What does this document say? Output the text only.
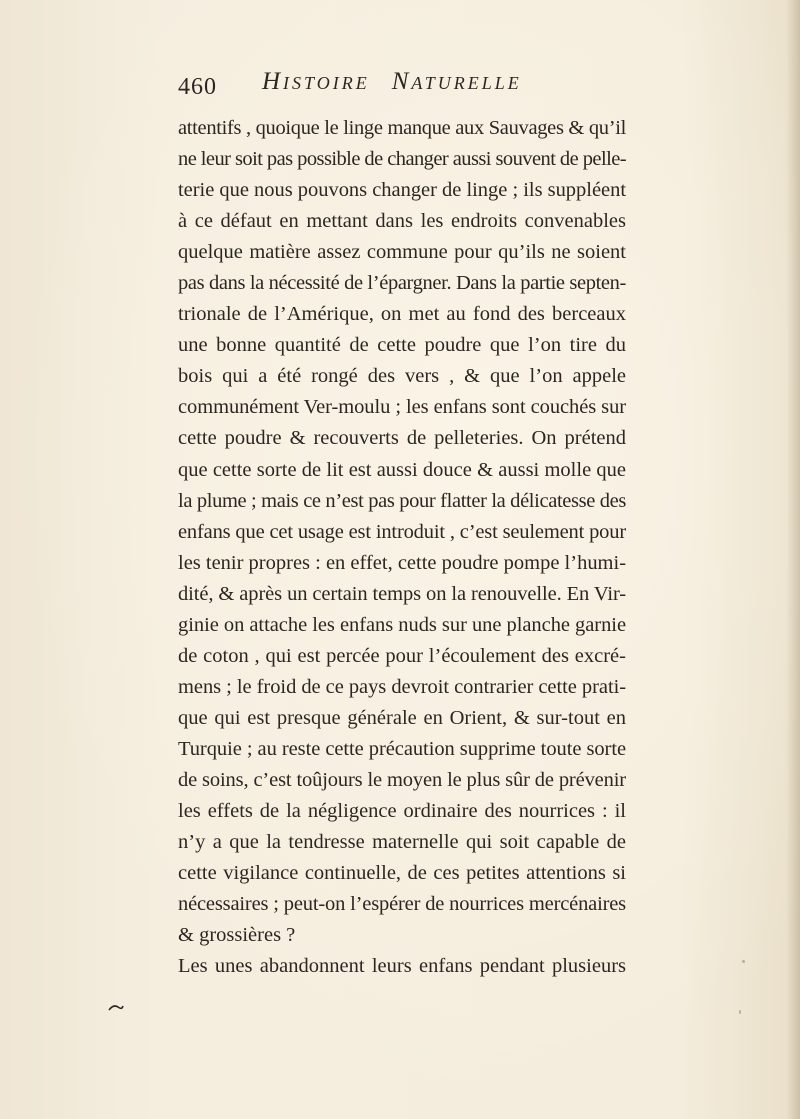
460 Histoire Naturelle
attentifs , quoique le linge manque aux Sauvages & qu’il
ne leur soit pas possible de changer aussi souvent de pelle-
terie que nous pouvons changer de linge ; ils suppléent
à ce défaut en mettant dans les endroits convenables
quelque matière assez commune pour qu’ils ne soient
pas dans la nécessité de l’épargner. Dans la partie septen-
trionale de l’Amérique, on met au fond des berceaux
une bonne quantité de cette poudre que l’on tire du
bois qui a été rongé des vers , & que l’on appele
communément Ver-moulu ; les enfans sont couchés sur
cette poudre & recouverts de pelleteries. On prétend
que cette sorte de lit est aussi douce & aussi molle que
la plume ; mais ce n’est pas pour flatter la délicatesse des
enfans que cet usage est introduit , c’est seulement pour
les tenir propres : en effet, cette poudre pompe l’humi-
dité, & après un certain temps on la renouvelle. En Vir-
ginie on attache les enfans nuds sur une planche garnie
de coton , qui est percée pour l’écoulement des excré-
mens ; le froid de ce pays devroit contrarier cette prati-
que qui est presque générale en Orient, & sur-tout en
Turquie ; au reste cette précaution supprime toute sorte
de soins, c’est toûjours le moyen le plus sûr de prévenir
les effets de la négligence ordinaire des nourrices : il
n’y a que la tendresse maternelle qui soit capable de
cette vigilance continuelle, de ces petites attentions si
nécessaires ; peut-on l’espérer de nourrices mercénaires
& grossières ?
Les unes abandonnent leurs enfans pendant plusieurs
